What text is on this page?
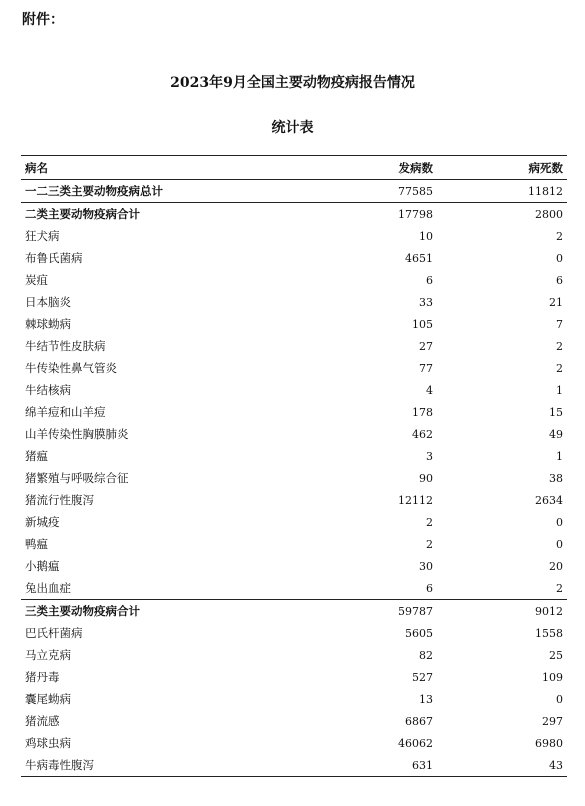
附件：
2023年9月全国主要动物疫病报告情况
统计表
病名	发病数	病死数
一二三类主要动物疫病总计	77585	11812
二类主要动物疫病合计	17798	2800
狂犬病	10	2
布鲁氏菌病	4651	0
炭疽	6	6
日本脑炎	33	21
棘球蚴病	105	7
牛结节性皮肤病	27	2
牛传染性鼻气管炎	77	2
牛结核病	4	1
绵羊痘和山羊痘	178	15
山羊传染性胸膜肺炎	462	49
猪瘟	3	1
猪繁殖与呼吸综合征	90	38
猪流行性腹泻	12112	2634
新城疫	2	0
鸭瘟	2	0
小鹅瘟	30	20
兔出血症	6	2
三类主要动物疫病合计	59787	9012
巴氏杆菌病	5605	1558
马立克病	82	25
猪丹毒	527	109
囊尾蚴病	13	0
猪流感	6867	297
鸡球虫病	46062	6980
牛病毒性腹泻	631	43
